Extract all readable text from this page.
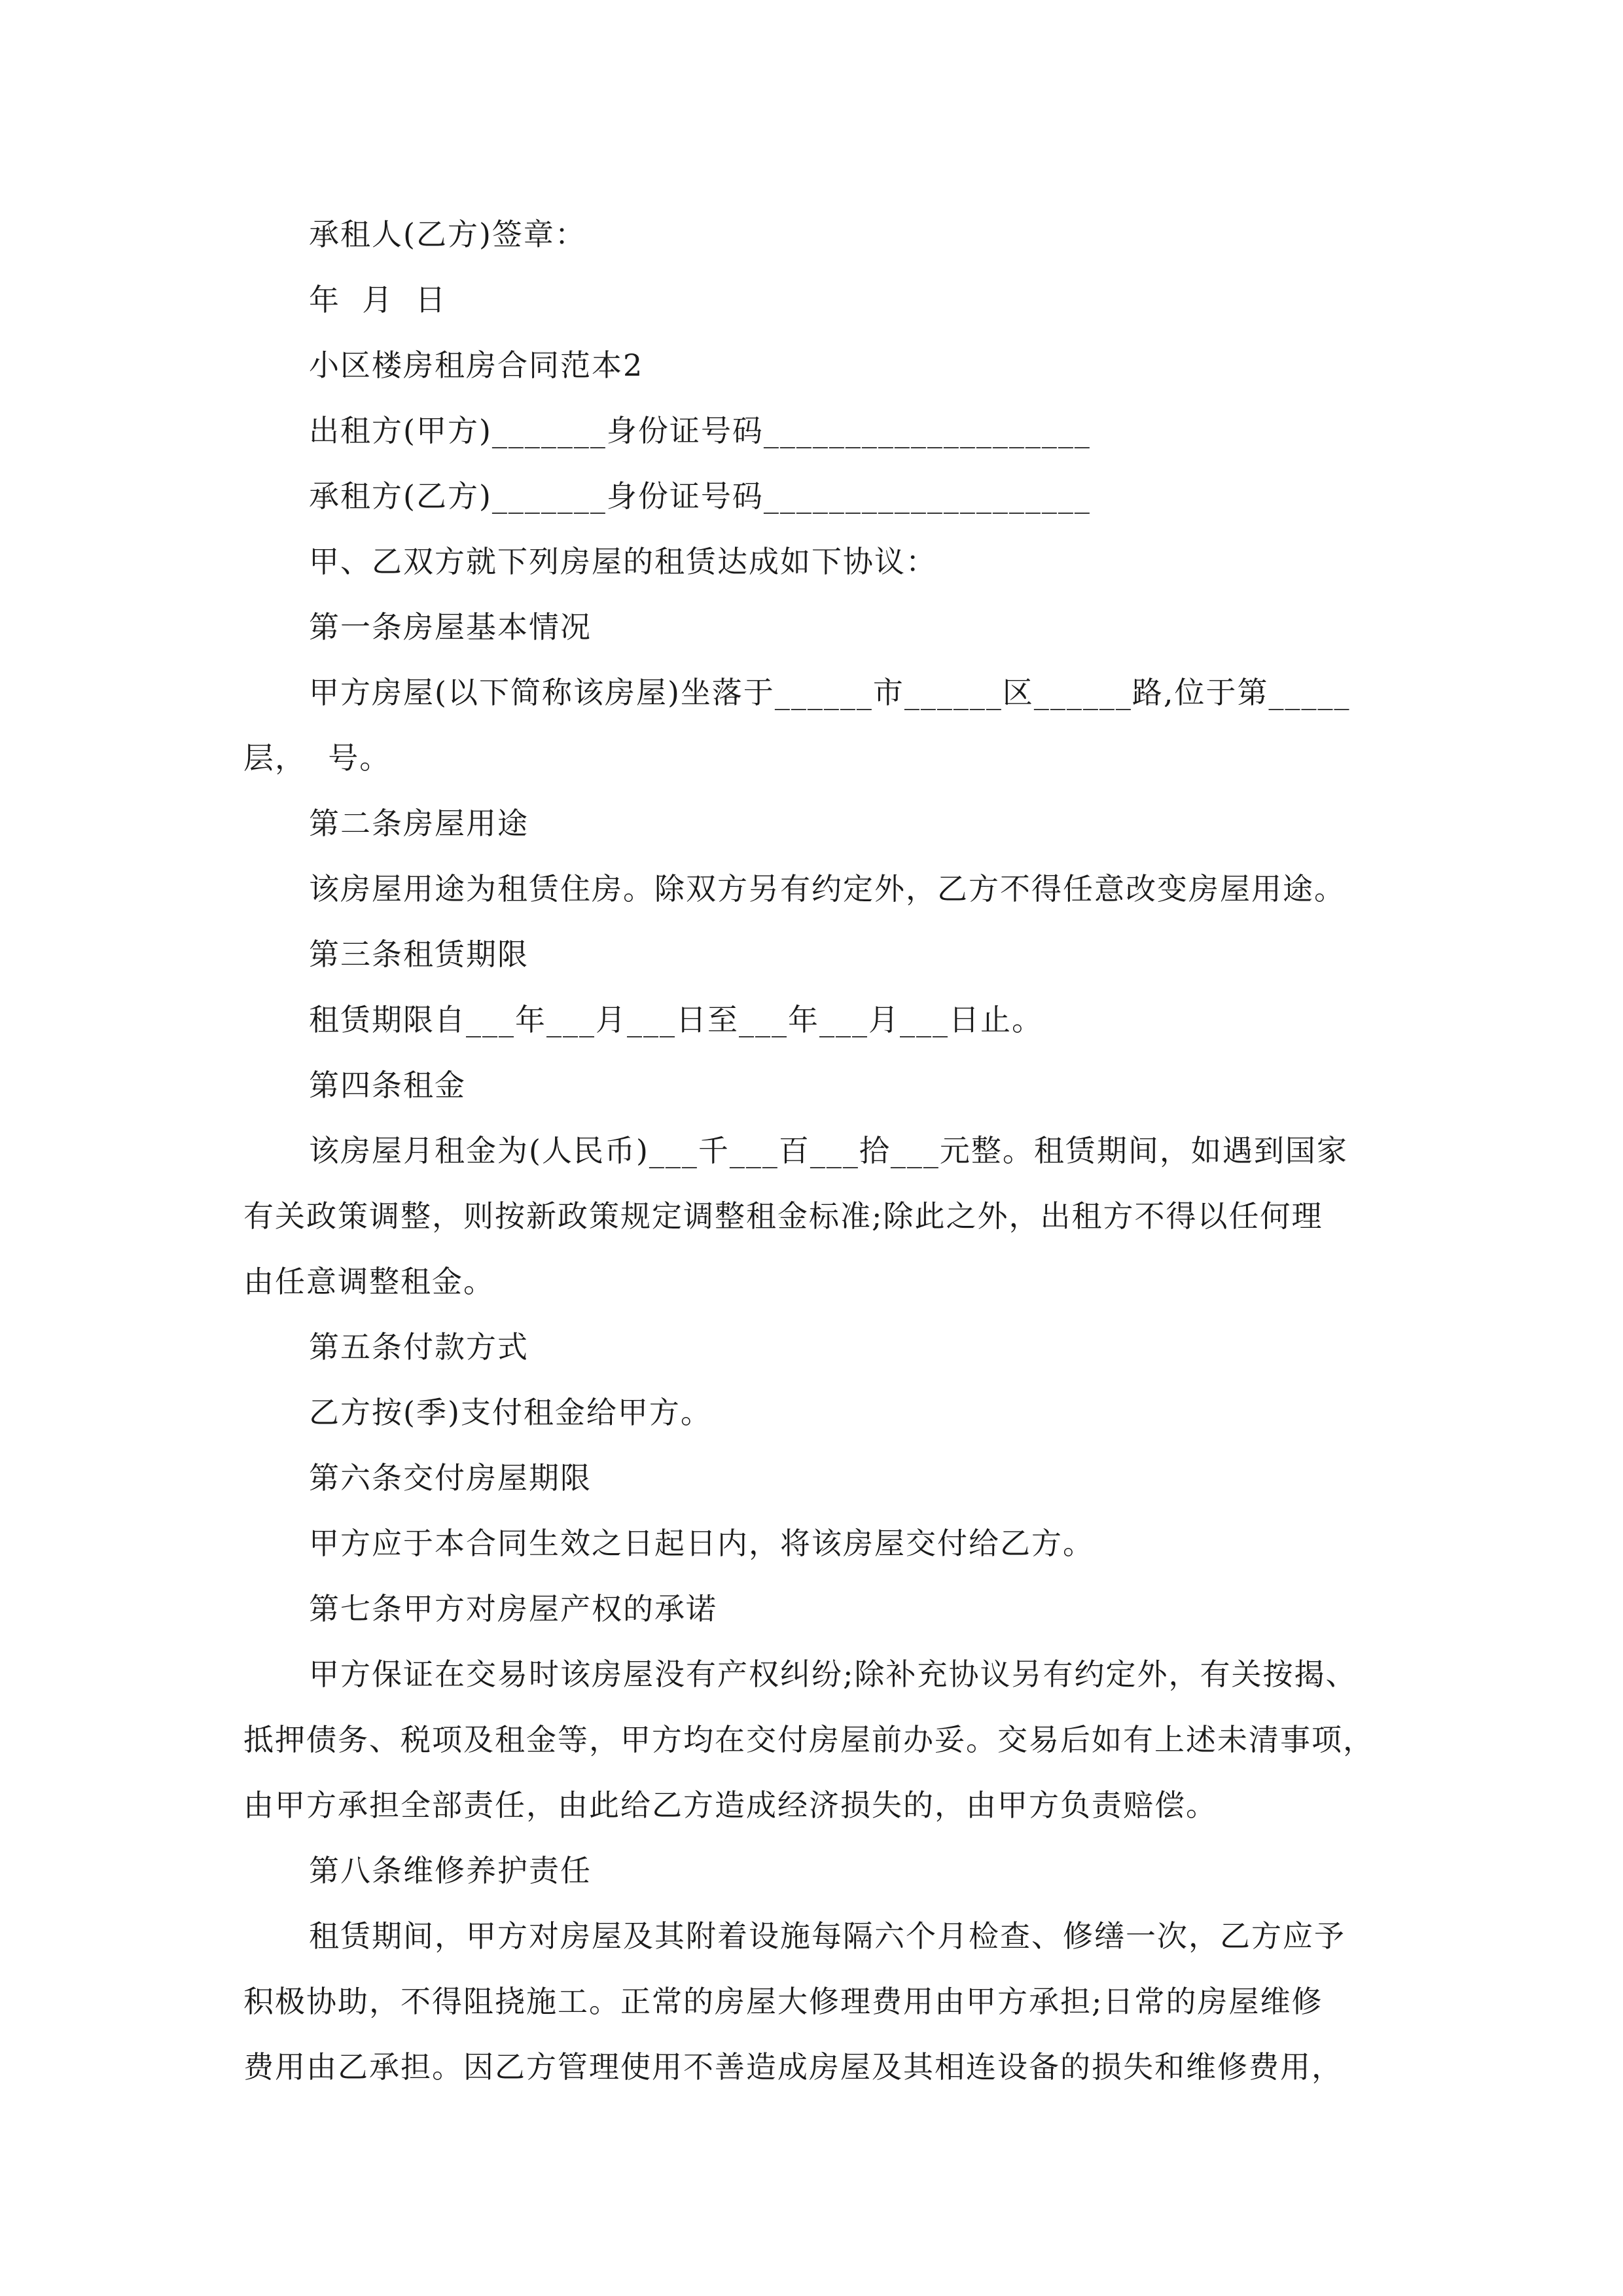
承租人(乙方)签章：
年  月  日
小区楼房租房合同范本2
出租方(甲方)_______身份证号码____________________
承租方(乙方)_______身份证号码____________________
甲、乙双方就下列房屋的租赁达成如下协议：
第一条房屋基本情况
甲方房屋(以下简称该房屋)坐落于______市______区______路,位于第_____
层，  号。
第二条房屋用途
该房屋用途为租赁住房。除双方另有约定外，乙方不得任意改变房屋用途。
第三条租赁期限
租赁期限自___年___月___日至___年___月___日止。
第四条租金
该房屋月租金为(人民币)___千___百___拾___元整。租赁期间，如遇到国家
有关政策调整，则按新政策规定调整租金标准;除此之外，出租方不得以任何理
由任意调整租金。
第五条付款方式
乙方按(季)支付租金给甲方。
第六条交付房屋期限
甲方应于本合同生效之日起日内，将该房屋交付给乙方。
第七条甲方对房屋产权的承诺
甲方保证在交易时该房屋没有产权纠纷;除补充协议另有约定外，有关按揭、
抵押债务、税项及租金等，甲方均在交付房屋前办妥。交易后如有上述未清事项，
由甲方承担全部责任，由此给乙方造成经济损失的，由甲方负责赔偿。
第八条维修养护责任
租赁期间，甲方对房屋及其附着设施每隔六个月检查、修缮一次，乙方应予
积极协助，不得阻挠施工。正常的房屋大修理费用由甲方承担;日常的房屋维修
费用由乙承担。因乙方管理使用不善造成房屋及其相连设备的损失和维修费用，
